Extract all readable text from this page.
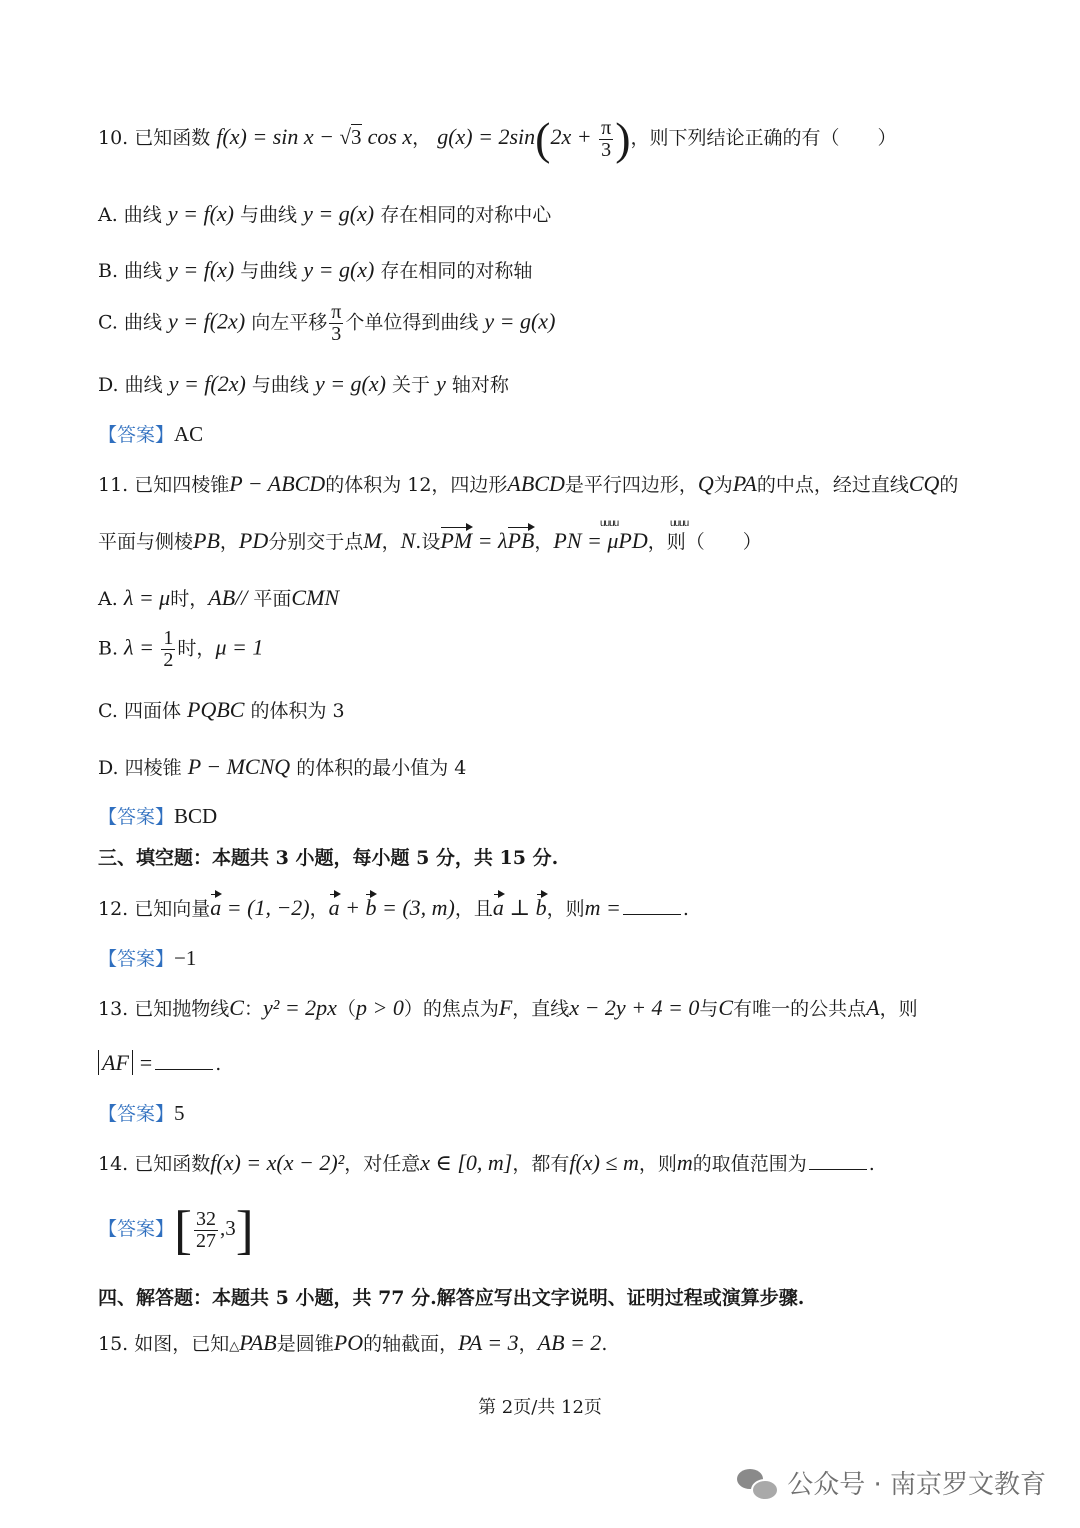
10. 已知函数 f(x) = sin x − √3 cos x， $g(x) = 2\sin(2x + \frac{\pi}{3}$ )，则下列结论正确的有（　　）
A. 曲线 y = f(x) 与曲线 y = g(x) 存在相同的对称中心
B. 曲线 y = f(x) 与曲线 y = g(x) 存在相同的对称轴
C. 曲线 y = f(2x) 向左平移 $\frac{\pi}{3}$ 个单位得到曲线 y = g(x)
D. 曲线 y = f(2x) 与曲线 y = g(x) 关于 y 轴对称
【答案】AC
11. 已知四棱锥P − ABCD的体积为 12，四边形ABCD是平行四边形，Q为PA的中点，经过直线CQ的
uuuu	uuuu
平面与侧棱PB，PD分别交于点M，N.设PM = λPB，PN = μPD，则（　　）
A. λ = μ时，AB// 平面CMN
B. $\lambda = \frac{1}{2}$ 时，μ = 1
C. 四面体 PQBC 的体积为 3
D. 四棱锥 P − MCNQ 的体积的最小值为 4
【答案】BCD
三、填空题：本题共 3 小题，每小题 5 分，共 15 分.
12. 已知向量a = (1, −2)，a + b = (3, m)，且a ⊥ b，则m =	.
【答案】−1
13. 已知抛物线C：y² = 2px（p > 0）的焦点为F，直线x − 2y + 4 = 0与C有唯一的公共点A，则
AF =	.
【答案】5
14. 已知函数f(x) = x(x − 2)²，对任意x ∈ [0, m]，都有f(x) ≤ m，则m的取值范围为	.
【答案】[ $\frac{32}{27} ,3$]
四、解答题：本题共 5 小题，共 77 分.解答应写出文字说明、证明过程或演算步骤.
15. 如图，已知△PAB是圆锥PO的轴截面，PA = 3，AB = 2.
第 2页/共 12页
公众号 · 南京罗文教育
